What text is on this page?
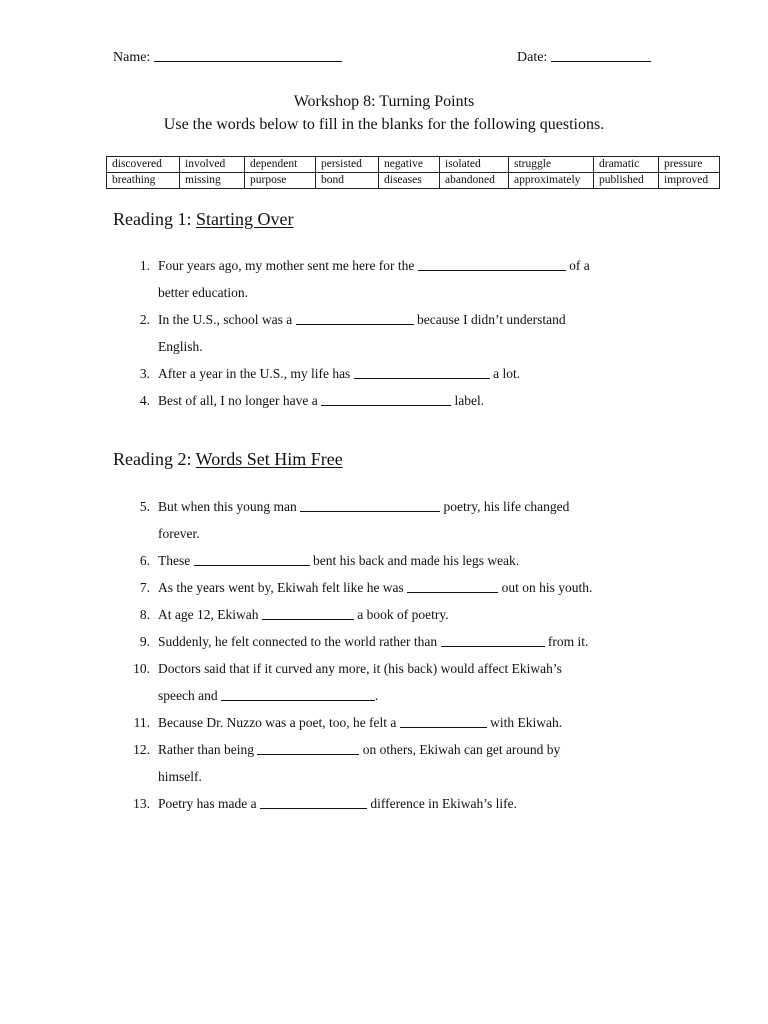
Name:	Date:
Workshop 8: Turning Points
Use the words below to fill in the blanks for the following questions.
discovered	involved	dependent	persisted	negative	isolated	struggle	dramatic	pressure
breathing	missing	purpose	bond	diseases	abandoned	approximately	published	improved
Reading 1: Starting Over
1. Four years ago, my mother sent me here for the	of a
better education.
2. In the U.S., school was a	because I didn’t understand
English.
3. After a year in the U.S., my life has	a lot.
4. Best of all, I no longer have a	label.
Reading 2: Words Set Him Free
5. But when this young man	poetry, his life changed
forever.
6. These	bent his back and made his legs weak.
7. As the years went by, Ekiwah felt like he was	out on his youth.
8. At age 12, Ekiwah	a book of poetry.
9. Suddenly, he felt connected to the world rather than	from it.
10. Doctors said that if it curved any more, it (his back) would affect Ekiwah’s
speech and	.
11. Because Dr. Nuzzo was a poet, too, he felt a	with Ekiwah.
12. Rather than being	on others, Ekiwah can get around by
himself.
13. Poetry has made a	difference in Ekiwah’s life.
